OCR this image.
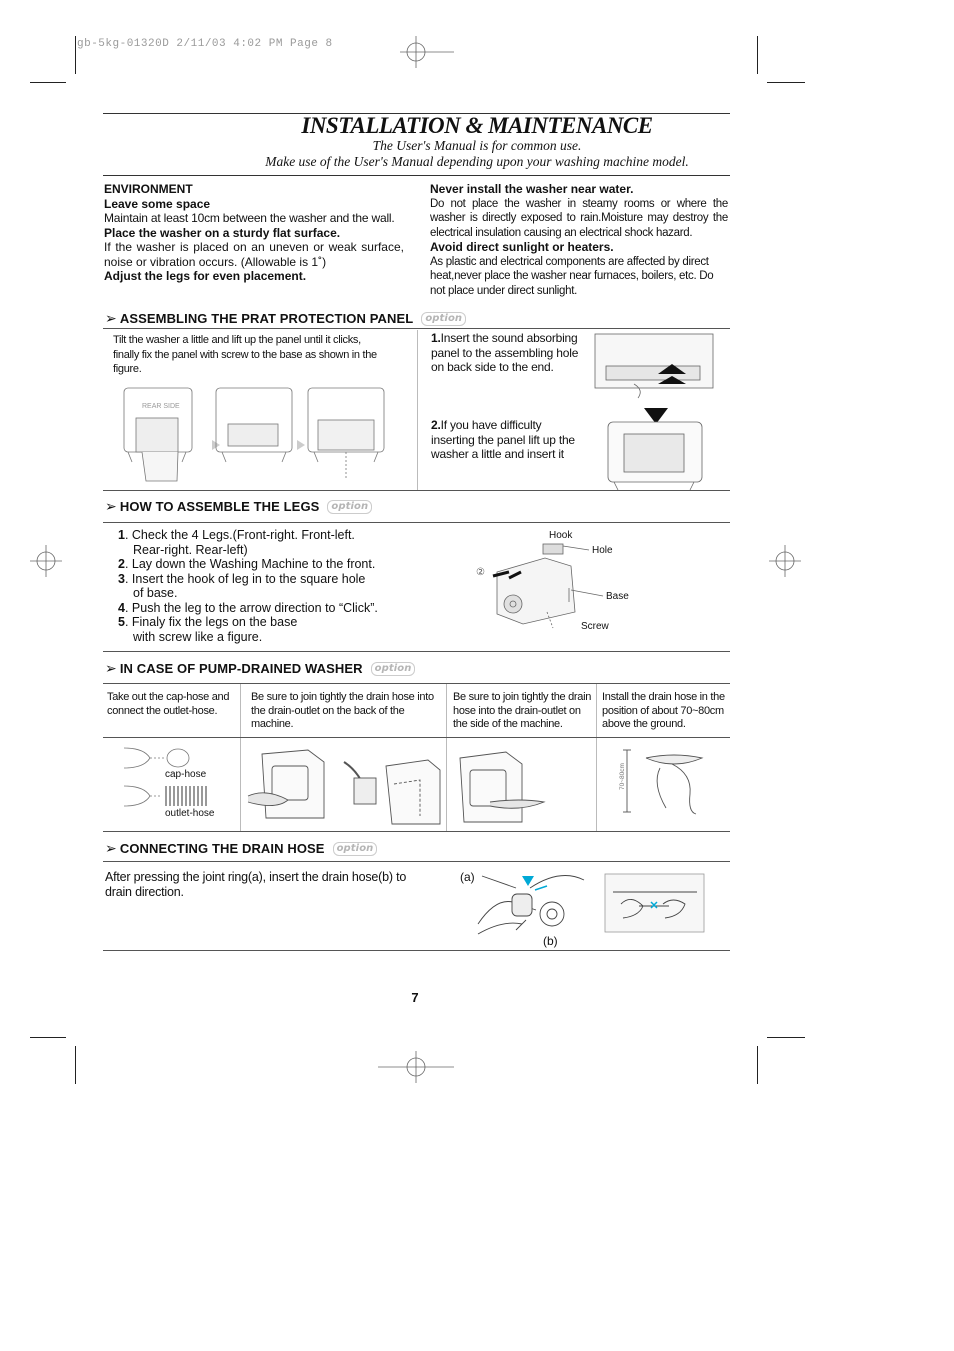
gb-5kg-01320D 2/11/03 4:02 PM Page 8
INSTALLATION & MAINTENANCE
The User's Manual is for common use.
Make use of the User's Manual depending upon your washing machine model.
ENVIRONMENT
Leave some space
Maintain at least 10cm between the washer and the wall.
Place the washer on a sturdy flat surface.
If the washer is placed on an uneven or weak surface, noise or vibration occurs. (Allowable is 1˚)
Adjust the legs for even placement.
Never install the washer near water.
Do not place the washer in steamy rooms or where the washer is directly exposed to rain.Moisture may destroy the electrical insulation causing an electrical shock hazard.
Avoid direct sunlight or heaters.
As plastic and electrical components are affected by direct heat,never place the washer near furnaces, boilers, etc. Do not place under direct sunlight.
➢ ASSEMBLING THE PRAT PROTECTION PANEL option
Tilt the washer a little and lift up the panel until it clicks, finally fix the panel with screw to the base as shown in the figure.
REAR SIDE
1.Insert the sound absorbing panel to the assembling hole on back side to the end.
2.If you have difficulty inserting the panel lift up the washer a little and insert it
➢ HOW TO ASSEMBLE THE LEGS option
1. Check the 4 Legs.(Front-right. Front-left.
Rear-right. Rear-left)
2. Lay down the Washing Machine to the front.
3. Insert the hook of leg in to the square hole
of base.
4. Push the leg to the arrow direction to “Click”.
5. Finaly fix the legs on the base
with screw like a figure.
Hook
Hole
Base
Screw
②
➢ IN CASE OF PUMP-DRAINED WASHER option
Take out the cap-hose and connect the outlet-hose.
Be sure to join tightly the drain hose into the drain-outlet on the back of the machine.
Be sure to join tightly the drain hose into the drain-outlet on the side of the machine.
Install the drain hose in the position of about 70~80cm above the ground.
cap-hose
outlet-hose
70~80cm
➢ CONNECTING THE DRAIN HOSE option
After pressing the joint ring(a), insert the drain hose(b) to drain direction.
(a)
(b)
7
